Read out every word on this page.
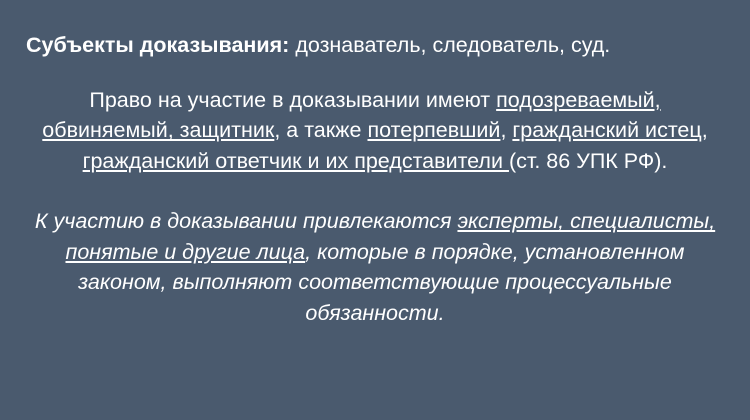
Субъекты доказывания: дознаватель, следователь, суд.

Право на участие в доказывании имеют подозреваемый, обвиняемый, защитник, а также потерпевший, гражданский истец, гражданский ответчик и их представители (ст. 86 УПК РФ).

К участию в доказывании привлекаются эксперты, специалисты, понятые и другие лица, которые в порядке, установленном законом, выполняют соответствующие процессуальные обязанности.
